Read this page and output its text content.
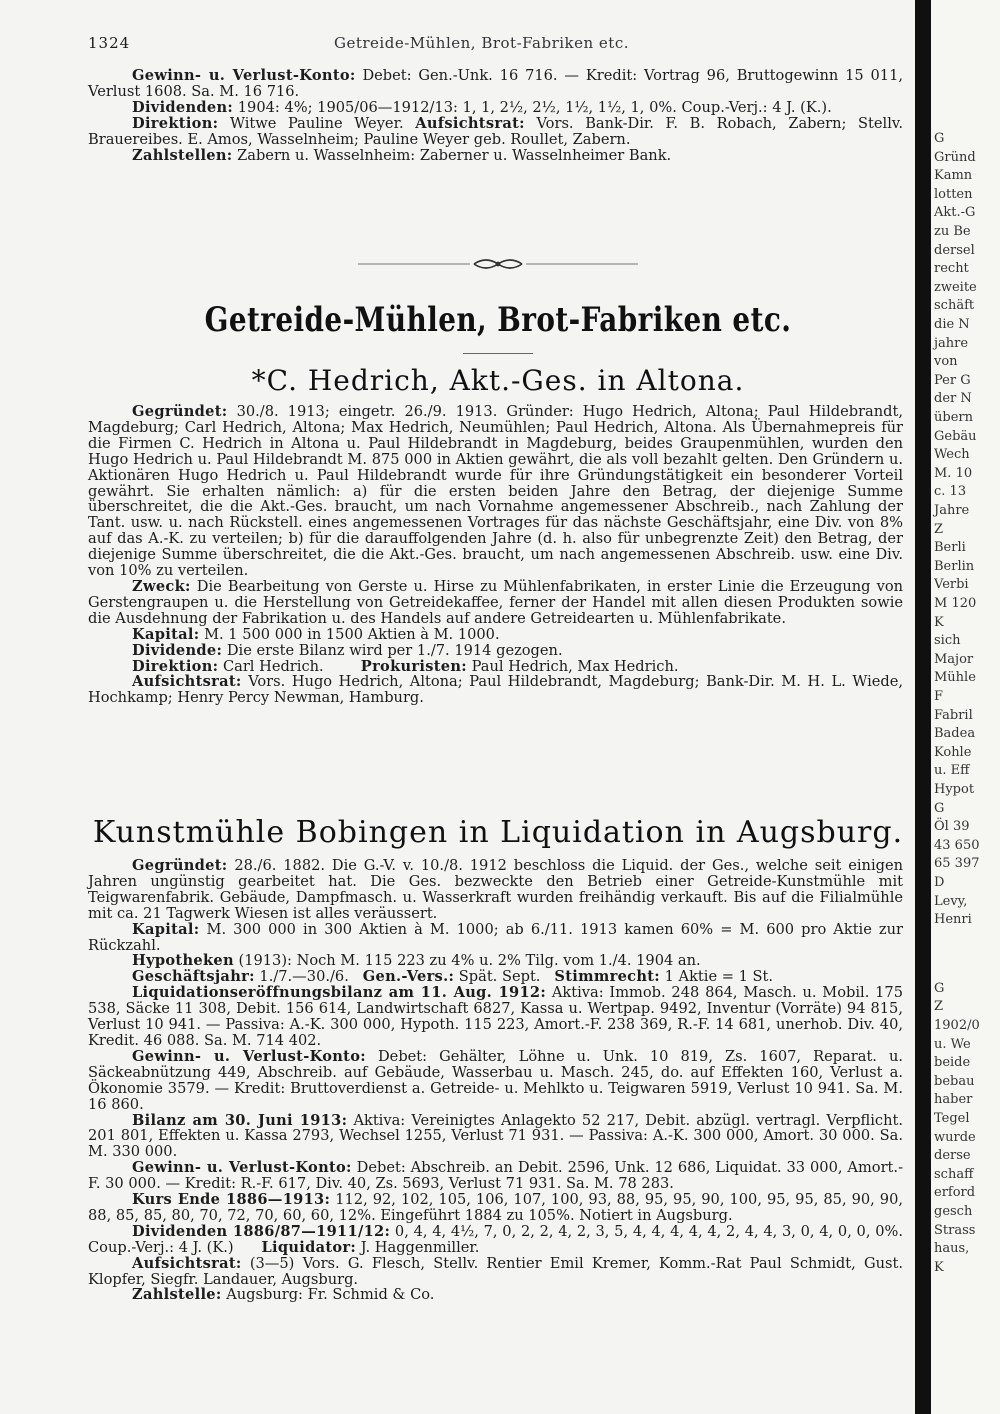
1324	Getreide-Mühlen, Brot-Fabriken etc.

Gewinn- u. Verlust-Konto: Debet: Gen.-Unk. 16 716. — Kredit: Vortrag 96, Bruttogewinn 15 011, Verlust 1608. Sa. M. 16 716.

Dividenden: 1904: 4%; 1905/06—1912/13: 1, 1, 2½, 2½, 1½, 1½, 1, 0%. Coup.-Verj.: 4 J. (K.).

Direktion: Witwe Pauline Weyer. Aufsichtsrat: Vors. Bank-Dir. F. B. Robach, Zabern; Stellv. Brauereibes. E. Amos, Wasselnheim; Pauline Weyer geb. Roullet, Zabern.

Zahlstellen: Zabern u. Wasselnheim: Zaberner u. Wasselnheimer Bank.

Getreide-Mühlen, Brot-Fabriken etc.
*C. Hedrich, Akt.-Ges. in Altona.

Gegründet: 30./8. 1913; eingetr. 26./9. 1913. Gründer: Hugo Hedrich, Altona; Paul Hildebrandt, Magdeburg; Carl Hedrich, Altona; Max Hedrich, Neumühlen; Paul Hedrich, Altona. Als Übernahmepreis für die Firmen C. Hedrich in Altona u. Paul Hildebrandt in Magdeburg, beides Graupenmühlen, wurden den Hugo Hedrich u. Paul Hildebrandt M. 875 000 in Aktien gewährt, die als voll bezahlt gelten. Den Gründern u. Aktionären Hugo Hedrich u. Paul Hildebrandt wurde für ihre Gründungstätigkeit ein besonderer Vorteil gewährt. Sie erhalten nämlich: a) für die ersten beiden Jahre den Betrag, der diejenige Summe überschreitet, die die Akt.-Ges. braucht, um nach Vornahme angemessener Abschreib., nach Zahlung der Tant. usw. u. nach Rückstell. eines angemessenen Vortrages für das nächste Geschäftsjahr, eine Div. von 8% auf das A.-K. zu verteilen; b) für die darauffolgenden Jahre (d. h. also für unbegrenzte Zeit) den Betrag, der diejenige Summe überschreitet, die die Akt.-Ges. braucht, um nach angemessenen Abschreib. usw. eine Div. von 10% zu verteilen.

Zweck: Die Bearbeitung von Gerste u. Hirse zu Mühlenfabrikaten, in erster Linie die Erzeugung von Gerstengraupen u. die Herstellung von Getreidekaffee, ferner der Handel mit allen diesen Produkten sowie die Ausdehnung der Fabrikation u. des Handels auf andere Getreidearten u. Mühlenfabrikate.

Kapital: M. 1 500 000 in 1500 Aktien à M. 1000.

Dividende: Die erste Bilanz wird per 1./7. 1914 gezogen.

Direktion: Carl Hedrich.	Prokuristen: Paul Hedrich, Max Hedrich.

Aufsichtsrat: Vors. Hugo Hedrich, Altona; Paul Hildebrandt, Magdeburg; Bank-Dir. M. H. L. Wiede, Hochkamp; Henry Percy Newman, Hamburg.

Kunstmühle Bobingen in Liquidation in Augsburg.

Gegründet: 28./6. 1882. Die G.-V. v. 10./8. 1912 beschloss die Liquid. der Ges., welche seit einigen Jahren ungünstig gearbeitet hat. Die Ges. bezweckte den Betrieb einer Getreide-Kunstmühle mit Teigwarenfabrik. Gebäude, Dampfmasch. u. Wasserkraft wurden freihändig verkauft. Bis auf die Filialmühle mit ca. 21 Tagwerk Wiesen ist alles veräussert.

Kapital: M. 300 000 in 300 Aktien à M. 1000; ab 6./11. 1913 kamen 60% = M. 600 pro Aktie zur Rückzahl.

Hypotheken (1913): Noch M. 115 223 zu 4% u. 2% Tilg. vom 1./4. 1904 an.

Geschäftsjahr: 1./7.—30./6. Gen.-Vers.: Spät. Sept. Stimmrecht: 1 Aktie = 1 St.

Liquidationseröffnungsbilanz am 11. Aug. 1912: Aktiva: Immob. 248 864, Masch. u. Mobil. 175 538, Säcke 11 308, Debit. 156 614, Landwirtschaft 6827, Kassa u. Wertpap. 9492, Inventur (Vorräte) 94 815, Verlust 10 941. — Passiva: A.-K. 300 000, Hypoth. 115 223, Amort.-F. 238 369, R.-F. 14 681, unerhob. Div. 40, Kredit. 46 088. Sa. M. 714 402.

Gewinn- u. Verlust-Konto: Debet: Gehälter, Löhne u. Unk. 10 819, Zs. 1607, Reparat. u. Säckeabnützung 449, Abschreib. auf Gebäude, Wasserbau u. Masch. 245, do. auf Effekten 160, Verlust a. Ökonomie 3579. — Kredit: Bruttoverdienst a. Getreide- u. Mehlkto u. Teigwaren 5919, Verlust 10 941. Sa. M. 16 860.

Bilanz am 30. Juni 1913: Aktiva: Vereinigtes Anlagekto 52 217, Debit. abzügl. vertragl. Verpflicht. 201 801, Effekten u. Kassa 2793, Wechsel 1255, Verlust 71 931. — Passiva: A.-K. 300 000, Amort. 30 000. Sa. M. 330 000.

Gewinn- u. Verlust-Konto: Debet: Abschreib. an Debit. 2596, Unk. 12 686, Liquidat. 33 000, Amort.-F. 30 000. — Kredit: R.-F. 617, Div. 40, Zs. 5693, Verlust 71 931. Sa. M. 78 283.

Kurs Ende 1886—1913: 112, 92, 102, 105, 106, 107, 100, 93, 88, 95, 95, 90, 100, 95, 95, 85, 90, 90, 88, 85, 85, 80, 70, 72, 70, 60, 60, 12%. Eingeführt 1884 zu 105%. Notiert in Augsburg.

Dividenden 1886/87—1911/12: 0, 4, 4, 4½, 7, 0, 2, 2, 4, 2, 3, 5, 4, 4, 4, 4, 4, 2, 4, 4, 3, 0, 4, 0, 0, 0%. Coup.-Verj.: 4 J. (K.) Liquidator: J. Haggenmiller.

Aufsichtsrat: (3—5) Vors. G. Flesch, Stellv. Rentier Emil Kremer, Komm.-Rat Paul Schmidt, Gust. Klopfer, Siegfr. Landauer, Augsburg.

Zahlstelle: Augsburg: Fr. Schmid & Co.

G
Gründ
Kamn
lotten
Akt.-G
zu Be
dersel
recht
zweite
schäft
die N
jahre
von
Per G
der N
übern
Gebäu
Wech
M. 10
c. 13
Jahre
Z
Berli
Berlin
Verbi
M 120
K
sich
Major
Mühle
F
Fabril
Badea
Kohle
u. Eff
Hypot
G
Öl 39
43 650
65 397
D
Levy,
Henri
G
Z
1902/0
u. We
beide
bebau
haber
Tegel
wurde
derse
schaff
erford
gesch
Strass
haus,
K
